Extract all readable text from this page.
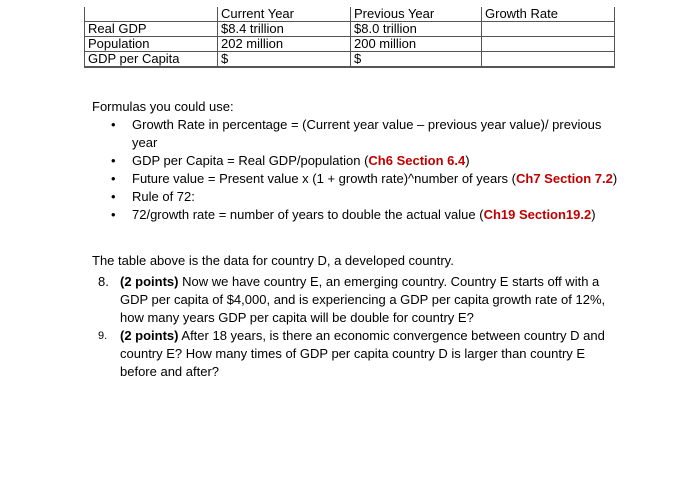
	Current Year	Previous Year	Growth Rate
Real GDP	$8.4 trillion	$8.0 trillion	
Population	202 million	200 million	
GDP per Capita	$	$	

Formulas you could use:

• Growth Rate in percentage = (Current year value – previous year value)/ previous year
• GDP per Capita = Real GDP/population (Ch6 Section 6.4)
• Future value = Present value x (1 + growth rate)^number of years (Ch7 Section 7.2)
• Rule of 72:
• 72/growth rate = number of years to double the actual value (Ch19 Section19.2)

The table above is the data for country D, a developed country.

8. (2 points) Now we have country E, an emerging country. Country E starts off with a GDP per capita of $4,000, and is experiencing a GDP per capita growth rate of 12%, how many years GDP per capita will be double for country E?
9. (2 points) After 18 years, is there an economic convergence between country D and country E? How many times of GDP per capita country D is larger than country E before and after?
